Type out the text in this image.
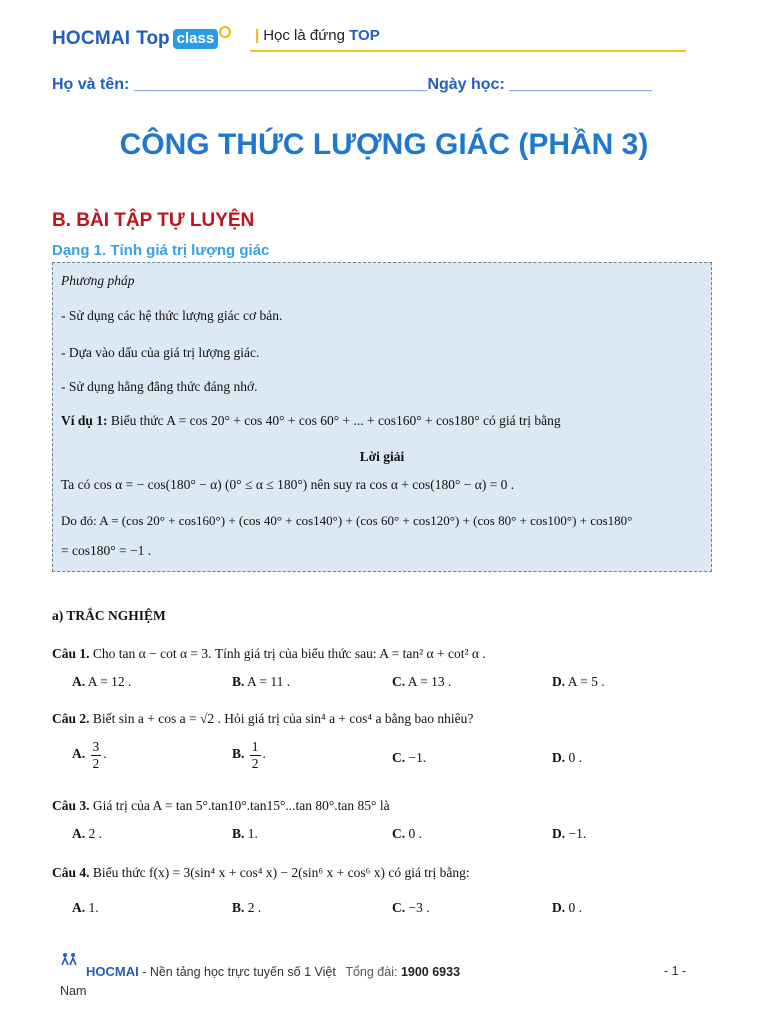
HOCMAI Top class	| Học là đứng TOP
Họ và tên: _________________________________Ngày học: ________________
CÔNG THỨC LƯỢNG GIÁC (PHẦN 3)
B. BÀI TẬP TỰ LUYỆN
Dạng 1. Tính giá trị lượng giác
Phương pháp
- Sử dụng các hệ thức lượng giác cơ bản.
- Dựa vào dấu của giá trị lượng giác.
- Sử dụng hằng đẳng thức đáng nhớ.
Ví dụ 1: Biểu thức A = cos 20° + cos 40° + cos 60° + ... + cos160° + cos180° có giá trị bằng
Lời giải
Ta có cos α = − cos(180° − α) (0° ≤ α ≤ 180°) nên suy ra cos α + cos(180° − α) = 0 .
Do đó: A = (cos 20° + cos160°) + (cos 40° + cos140°) + (cos 60° + cos120°) + (cos 80° + cos100°) + cos180°
= cos180° = −1 .
a) TRẮC NGHIỆM
Câu 1. Cho tan α − cot α = 3. Tính giá trị của biểu thức sau: A = tan² α + cot² α .
A. A = 12 .	B. A = 11 .	C. A = 13 .	D. A = 5 .
Câu 2. Biết sin a + cos a = √2 . Hỏi giá trị của sin⁴ a + cos⁴ a bằng bao nhiêu?
A. $\frac{3}{2}$ .	B. $\frac{1}{2}$ .	C. −1.	D. 0 .
Câu 3. Giá trị của A = tan 5°.tan10°.tan15°...tan 80°.tan 85° là
A. 2 .	B. 1.	C. 0 .	D. −1.
Câu 4. Biểu thức f(x) = 3(sin⁴ x + cos⁴ x) − 2(sin⁶ x + cos⁶ x) có giá trị bằng:
A. 1.	B. 2 .	C. −3 .	D. 0 .
HOCMAI - Nền tảng học trực tuyến số 1 Việt Tổng đài: 1900 6933	- 1 -
Nam
